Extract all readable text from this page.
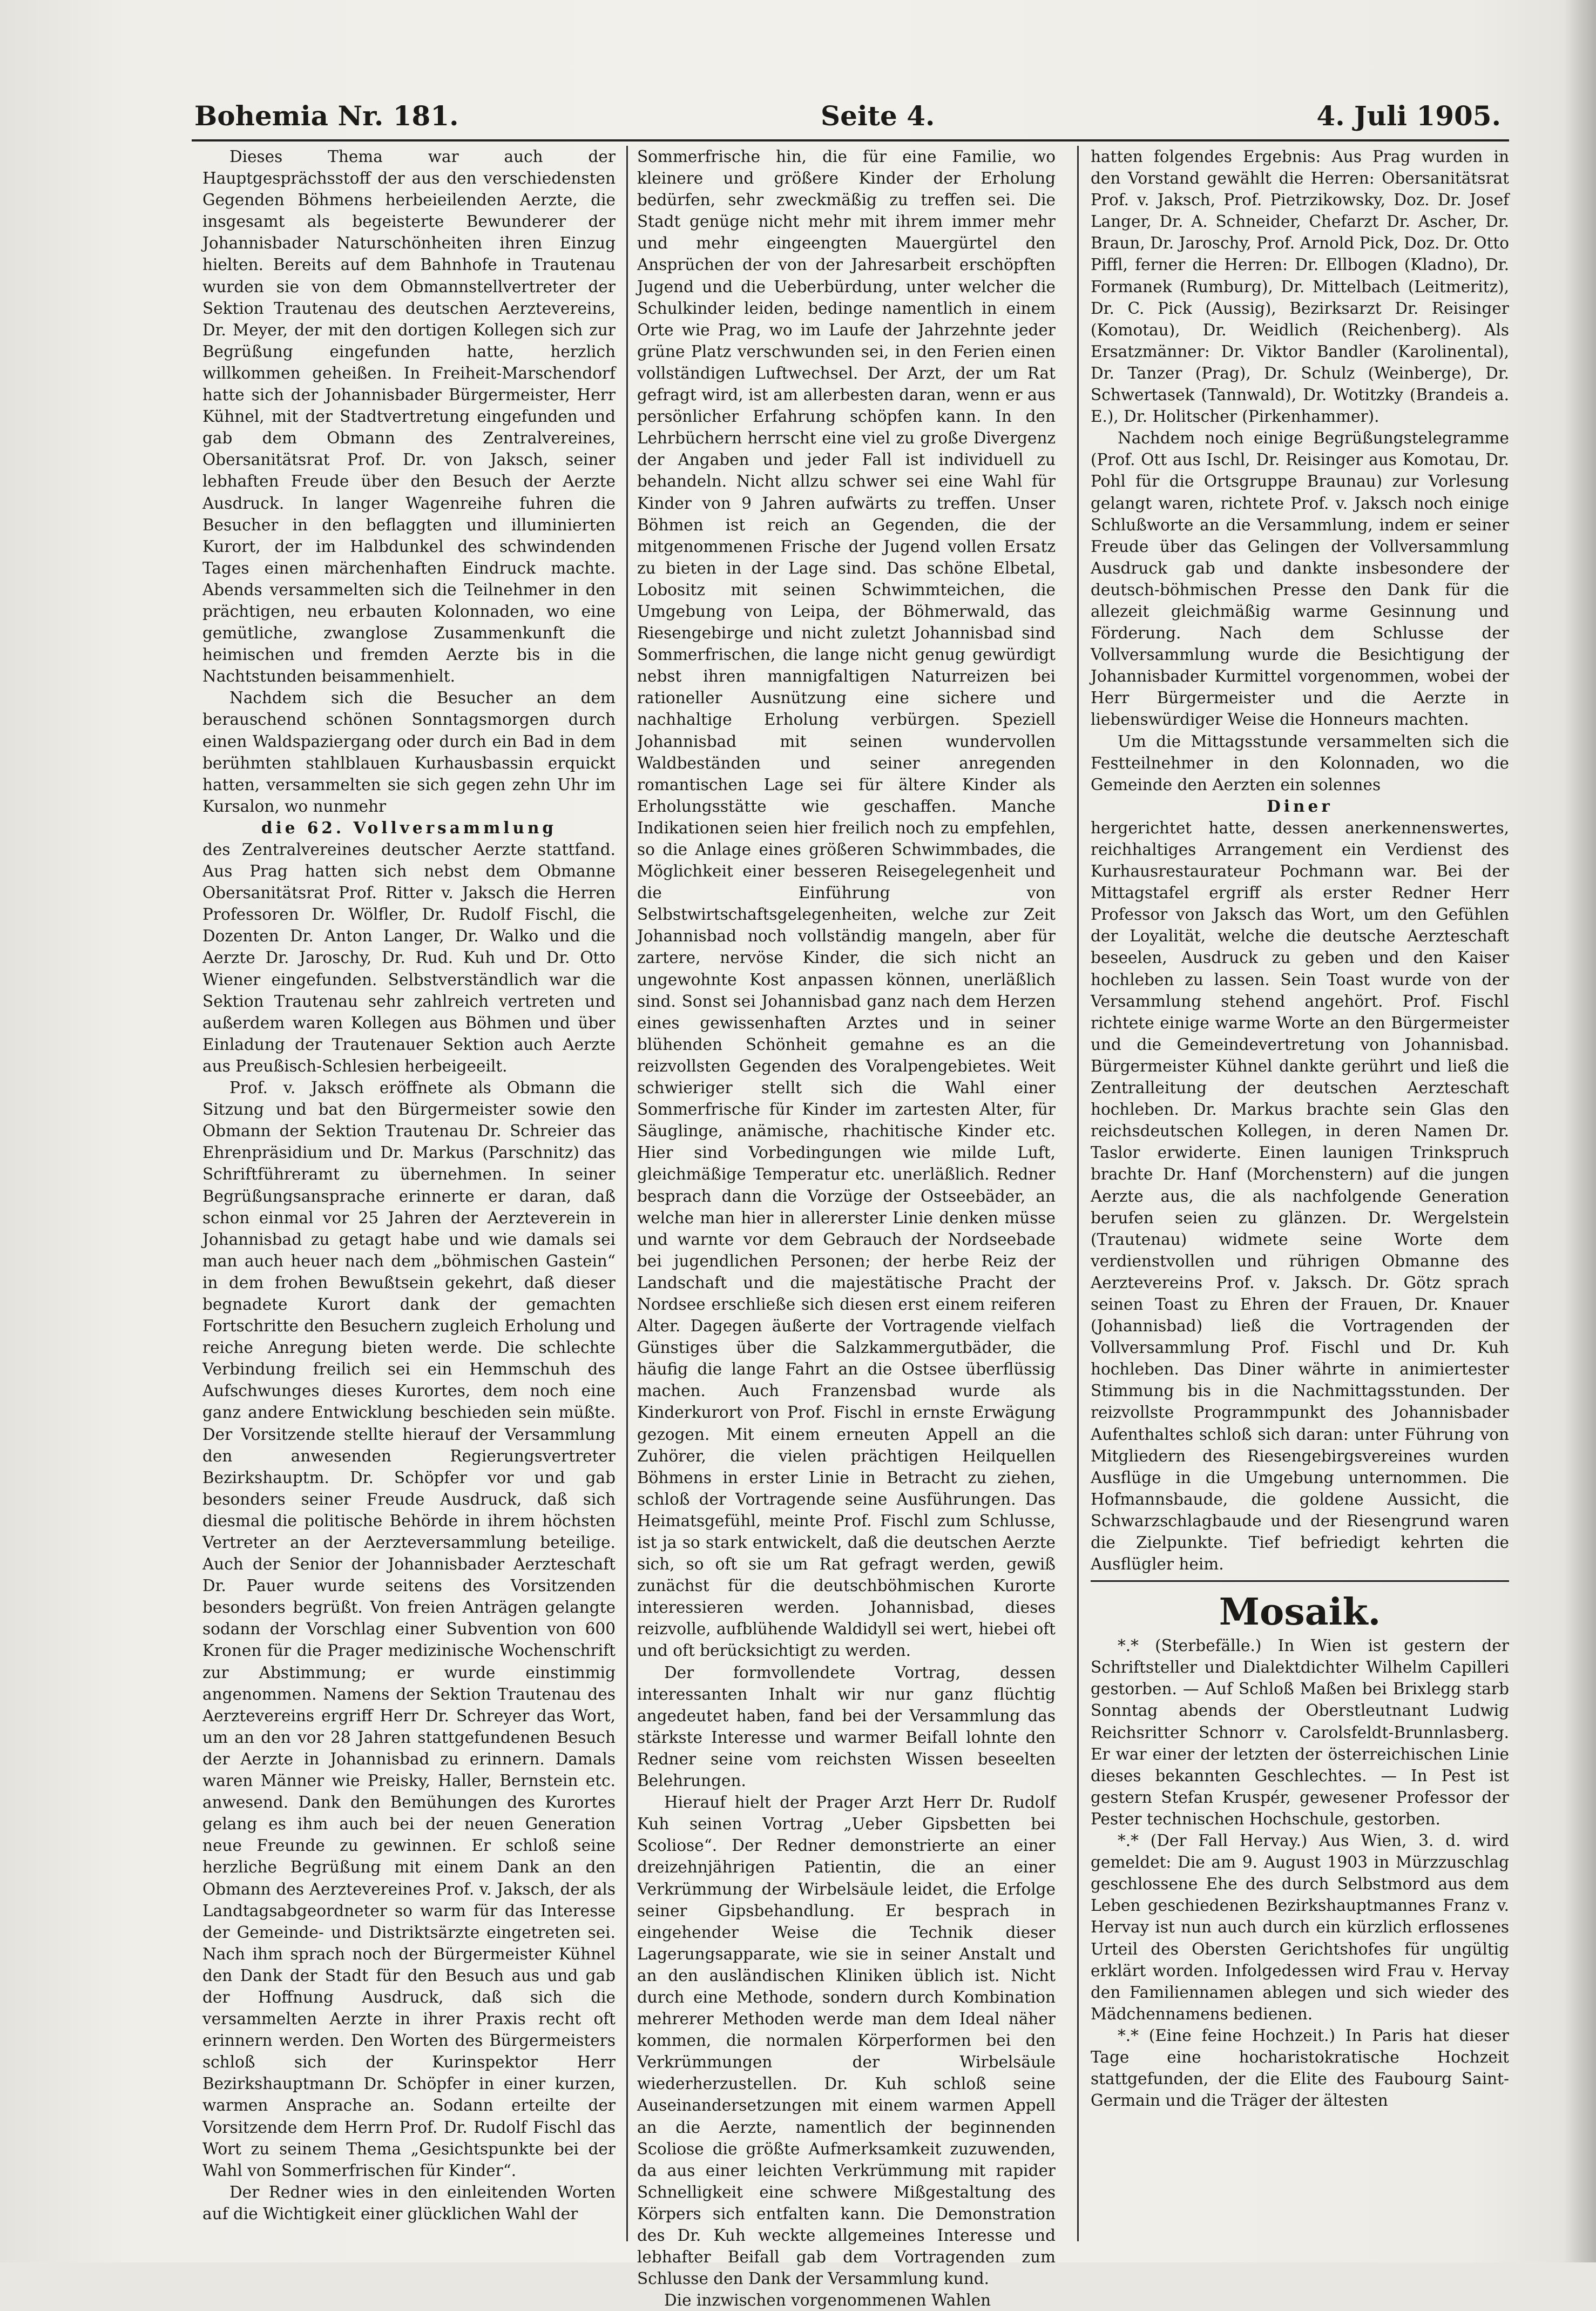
Bohemia Nr. 181.	Seite 4.	4. Juli 1905.

Dieses Thema war auch der Hauptgesprächsstoff der aus den verschiedensten Gegenden Böhmens herbeieilenden Aerzte, die insgesamt als begeisterte Bewunderer der Johannisbader Naturschönheiten ihren Einzug hielten. Bereits auf dem Bahnhofe in Trautenau wurden sie von dem Obmannstellvertreter der Sektion Trautenau des deutschen Aerztevereins, Dr. Meyer, der mit den dortigen Kollegen sich zur Begrüßung eingefunden hatte, herzlich willkommen geheißen. In Freiheit-Marschendorf hatte sich der Johannisbader Bürgermeister, Herr Kühnel, mit der Stadtvertretung eingefunden und gab dem Obmann des Zentralvereines, Obersanitätsrat Prof. Dr. von Jaksch, seiner lebhaften Freude über den Besuch der Aerzte Ausdruck. In langer Wagenreihe fuhren die Besucher in den beflaggten und illuminierten Kurort, der im Halbdunkel des schwindenden Tages einen märchenhaften Eindruck machte. Abends versammelten sich die Teilnehmer in den prächtigen, neu erbauten Kolonnaden, wo eine gemütliche, zwanglose Zusammenkunft die heimischen und fremden Aerzte bis in die Nachtstunden beisammenhielt.

Nachdem sich die Besucher an dem berauschend schönen Sonntagsmorgen durch einen Waldspaziergang oder durch ein Bad in dem berühmten stahlblauen Kurhausbassin erquickt hatten, versammelten sie sich gegen zehn Uhr im Kursalon, wo nunmehr

die 62. Vollversammlung

des Zentralvereines deutscher Aerzte stattfand. Aus Prag hatten sich nebst dem Obmanne Obersanitätsrat Prof. Ritter v. Jaksch die Herren Professoren Dr. Wölfler, Dr. Rudolf Fischl, die Dozenten Dr. Anton Langer, Dr. Walko und die Aerzte Dr. Jaroschy, Dr. Rud. Kuh und Dr. Otto Wiener eingefunden. Selbstverständlich war die Sektion Trautenau sehr zahlreich vertreten und außerdem waren Kollegen aus Böhmen und über Einladung der Trautenauer Sektion auch Aerzte aus Preußisch-Schlesien herbeigeeilt.

Prof. v. Jaksch eröffnete als Obmann die Sitzung und bat den Bürgermeister sowie den Obmann der Sektion Trautenau Dr. Schreier das Ehrenpräsidium und Dr. Markus (Parschnitz) das Schriftführeramt zu übernehmen. In seiner Begrüßungsansprache erinnerte er daran, daß schon einmal vor 25 Jahren der Aerzteverein in Johannisbad zu getagt habe und wie damals sei man auch heuer nach dem „böhmischen Gastein“ in dem frohen Bewußtsein gekehrt, daß dieser begnadete Kurort dank der gemachten Fortschritte den Besuchern zugleich Erholung und reiche Anregung bieten werde. Die schlechte Verbindung freilich sei ein Hemmschuh des Aufschwunges dieses Kurortes, dem noch eine ganz andere Entwicklung beschieden sein müßte. Der Vorsitzende stellte hierauf der Versammlung den anwesenden Regierungsvertreter Bezirkshauptm. Dr. Schöpfer vor und gab besonders seiner Freude Ausdruck, daß sich diesmal die politische Behörde in ihrem höchsten Vertreter an der Aerzteversammlung beteilige. Auch der Senior der Johannisbader Aerzteschaft Dr. Pauer wurde seitens des Vorsitzenden besonders begrüßt. Von freien Anträgen gelangte sodann der Vorschlag einer Subvention von 600 Kronen für die Prager medizinische Wochenschrift zur Abstimmung; er wurde einstimmig angenommen. Namens der Sektion Trautenau des Aerztevereins ergriff Herr Dr. Schreyer das Wort, um an den vor 28 Jahren stattgefundenen Besuch der Aerzte in Johannisbad zu erinnern. Damals waren Männer wie Preisky, Haller, Bernstein etc. anwesend. Dank den Bemühungen des Kurortes gelang es ihm auch bei der neuen Generation neue Freunde zu gewinnen. Er schloß seine herzliche Begrüßung mit einem Dank an den Obmann des Aerztevereines Prof. v. Jaksch, der als Landtagsabgeordneter so warm für das Interesse der Gemeinde- und Distriktsärzte eingetreten sei. Nach ihm sprach noch der Bürgermeister Kühnel den Dank der Stadt für den Besuch aus und gab der Hoffnung Ausdruck, daß sich die versammelten Aerzte in ihrer Praxis recht oft erinnern werden. Den Worten des Bürgermeisters schloß sich der Kurinspektor Herr Bezirkshauptmann Dr. Schöpfer in einer kurzen, warmen Ansprache an. Sodann erteilte der Vorsitzende dem Herrn Prof. Dr. Rudolf Fischl das Wort zu seinem Thema „Gesichtspunkte bei der Wahl von Sommerfrischen für Kinder“.

Der Redner wies in den einleitenden Worten auf die Wichtigkeit einer glücklichen Wahl der

Sommerfrische hin, die für eine Familie, wo kleinere und größere Kinder der Erholung bedürfen, sehr zweckmäßig zu treffen sei. Die Stadt genüge nicht mehr mit ihrem immer mehr und mehr eingeengten Mauergürtel den Ansprüchen der von der Jahresarbeit erschöpften Jugend und die Ueberbürdung, unter welcher die Schulkinder leiden, bedinge namentlich in einem Orte wie Prag, wo im Laufe der Jahrzehnte jeder grüne Platz verschwunden sei, in den Ferien einen vollständigen Luftwechsel. Der Arzt, der um Rat gefragt wird, ist am allerbesten daran, wenn er aus persönlicher Erfahrung schöpfen kann. In den Lehrbüchern herrscht eine viel zu große Divergenz der Angaben und jeder Fall ist individuell zu behandeln. Nicht allzu schwer sei eine Wahl für Kinder von 9 Jahren aufwärts zu treffen. Unser Böhmen ist reich an Gegenden, die der mitgenommenen Frische der Jugend vollen Ersatz zu bieten in der Lage sind. Das schöne Elbetal, Lobositz mit seinen Schwimmteichen, die Umgebung von Leipa, der Böhmerwald, das Riesengebirge und nicht zuletzt Johannisbad sind Sommerfrischen, die lange nicht genug gewürdigt nebst ihren mannigfaltigen Naturreizen bei rationeller Ausnützung eine sichere und nachhaltige Erholung verbürgen. Speziell Johannisbad mit seinen wundervollen Waldbeständen und seiner anregenden romantischen Lage sei für ältere Kinder als Erholungsstätte wie geschaffen. Manche Indikationen seien hier freilich noch zu empfehlen, so die Anlage eines größeren Schwimmbades, die Möglichkeit einer besseren Reisegelegenheit und die Einführung von Selbstwirtschaftsgelegenheiten, welche zur Zeit Johannisbad noch vollständig mangeln, aber für zartere, nervöse Kinder, die sich nicht an ungewohnte Kost anpassen können, unerläßlich sind. Sonst sei Johannisbad ganz nach dem Herzen eines gewissenhaften Arztes und in seiner blühenden Schönheit gemahne es an die reizvollsten Gegenden des Voralpengebietes. Weit schwieriger stellt sich die Wahl einer Sommerfrische für Kinder im zartesten Alter, für Säuglinge, anämische, rhachitische Kinder etc. Hier sind Vorbedingungen wie milde Luft, gleichmäßige Temperatur etc. unerläßlich. Redner besprach dann die Vorzüge der Ostseebäder, an welche man hier in allererster Linie denken müsse und warnte vor dem Gebrauch der Nordseebade bei jugendlichen Personen; der herbe Reiz der Landschaft und die majestätische Pracht der Nordsee erschließe sich diesen erst einem reiferen Alter. Dagegen äußerte der Vortragende vielfach Günstiges über die Salzkammergutbäder, die häufig die lange Fahrt an die Ostsee überflüssig machen. Auch Franzensbad wurde als Kinderkurort von Prof. Fischl in ernste Erwägung gezogen. Mit einem erneuten Appell an die Zuhörer, die vielen prächtigen Heilquellen Böhmens in erster Linie in Betracht zu ziehen, schloß der Vortragende seine Ausführungen. Das Heimatsgefühl, meinte Prof. Fischl zum Schlusse, ist ja so stark entwickelt, daß die deutschen Aerzte sich, so oft sie um Rat gefragt werden, gewiß zunächst für die deutschböhmischen Kurorte interessieren werden. Johannisbad, dieses reizvolle, aufblühende Waldidyll sei wert, hiebei oft und oft berücksichtigt zu werden.

Der formvollendete Vortrag, dessen interessanten Inhalt wir nur ganz flüchtig angedeutet haben, fand bei der Versammlung das stärkste Interesse und warmer Beifall lohnte den Redner seine vom reichsten Wissen beseelten Belehrungen.

Hierauf hielt der Prager Arzt Herr Dr. Rudolf Kuh seinen Vortrag „Ueber Gipsbetten bei Scoliose“. Der Redner demonstrierte an einer dreizehnjährigen Patientin, die an einer Verkrümmung der Wirbelsäule leidet, die Erfolge seiner Gipsbehandlung. Er besprach in eingehender Weise die Technik dieser Lagerungsapparate, wie sie in seiner Anstalt und an den ausländischen Kliniken üblich ist. Nicht durch eine Methode, sondern durch Kombination mehrerer Methoden werde man dem Ideal näher kommen, die normalen Körperformen bei den Verkrümmungen der Wirbelsäule wiederherzustellen. Dr. Kuh schloß seine Auseinandersetzungen mit einem warmen Appell an die Aerzte, namentlich der beginnenden Scoliose die größte Aufmerksamkeit zuzuwenden, da aus einer leichten Verkrümmung mit rapider Schnelligkeit eine schwere Mißgestaltung des Körpers sich entfalten kann. Die Demonstration des Dr. Kuh weckte allgemeines Interesse und lebhafter Beifall gab dem Vortragenden zum Schlusse den Dank der Versammlung kund.

Die inzwischen vorgenommenen Wahlen

hatten folgendes Ergebnis: Aus Prag wurden in den Vorstand gewählt die Herren: Obersanitätsrat Prof. v. Jaksch, Prof. Pietrzikowsky, Doz. Dr. Josef Langer, Dr. A. Schneider, Chefarzt Dr. Ascher, Dr. Braun, Dr. Jaroschy, Prof. Arnold Pick, Doz. Dr. Otto Piffl, ferner die Herren: Dr. Ellbogen (Kladno), Dr. Formanek (Rumburg), Dr. Mittelbach (Leitmeritz), Dr. C. Pick (Aussig), Bezirksarzt Dr. Reisinger (Komotau), Dr. Weidlich (Reichenberg). Als Ersatzmänner: Dr. Viktor Bandler (Karolinental), Dr. Tanzer (Prag), Dr. Schulz (Weinberge), Dr. Schwertasek (Tannwald), Dr. Wotitzky (Brandeis a. E.), Dr. Holitscher (Pirkenhammer).

Nachdem noch einige Begrüßungstelegramme (Prof. Ott aus Ischl, Dr. Reisinger aus Komotau, Dr. Pohl für die Ortsgruppe Braunau) zur Vorlesung gelangt waren, richtete Prof. v. Jaksch noch einige Schlußworte an die Versammlung, indem er seiner Freude über das Gelingen der Vollversammlung Ausdruck gab und dankte insbesondere der deutsch-böhmischen Presse den Dank für die allezeit gleichmäßig warme Gesinnung und Förderung. Nach dem Schlusse der Vollversammlung wurde die Besichtigung der Johannisbader Kurmittel vorgenommen, wobei der Herr Bürgermeister und die Aerzte in liebenswürdiger Weise die Honneurs machten.

Um die Mittagsstunde versammelten sich die Festteilnehmer in den Kolonnaden, wo die Gemeinde den Aerzten ein solennes

Diner

hergerichtet hatte, dessen anerkennenswertes, reichhaltiges Arrangement ein Verdienst des Kurhausrestaurateur Pochmann war. Bei der Mittagstafel ergriff als erster Redner Herr Professor von Jaksch das Wort, um den Gefühlen der Loyalität, welche die deutsche Aerzteschaft beseelen, Ausdruck zu geben und den Kaiser hochleben zu lassen. Sein Toast wurde von der Versammlung stehend angehört. Prof. Fischl richtete einige warme Worte an den Bürgermeister und die Gemeindevertretung von Johannisbad. Bürgermeister Kühnel dankte gerührt und ließ die Zentralleitung der deutschen Aerzteschaft hochleben. Dr. Markus brachte sein Glas den reichsdeutschen Kollegen, in deren Namen Dr. Taslor erwiderte. Einen launigen Trinkspruch brachte Dr. Hanf (Morchenstern) auf die jungen Aerzte aus, die als nachfolgende Generation berufen seien zu glänzen. Dr. Wergelstein (Trautenau) widmete seine Worte dem verdienstvollen und rührigen Obmanne des Aerztevereins Prof. v. Jaksch. Dr. Götz sprach seinen Toast zu Ehren der Frauen, Dr. Knauer (Johannisbad) ließ die Vortragenden der Vollversammlung Prof. Fischl und Dr. Kuh hochleben. Das Diner währte in animiertester Stimmung bis in die Nachmittagsstunden. Der reizvollste Programmpunkt des Johannisbader Aufenthaltes schloß sich daran: unter Führung von Mitgliedern des Riesengebirgsvereines wurden Ausflüge in die Umgebung unternommen. Die Hofmannsbaude, die goldene Aussicht, die Schwarzschlagbaude und der Riesengrund waren die Zielpunkte. Tief befriedigt kehrten die Ausflügler heim.

Mosaik.

*.* (Sterbefälle.) In Wien ist gestern der Schriftsteller und Dialektdichter Wilhelm Capilleri gestorben. — Auf Schloß Maßen bei Brixlegg starb Sonntag abends der Oberstleutnant Ludwig Reichsritter Schnorr v. Carolsfeldt-Brunnlasberg. Er war einer der letzten der österreichischen Linie dieses bekannten Geschlechtes. — In Pest ist gestern Stefan Kruspér, gewesener Professor der Pester technischen Hochschule, gestorben.

*.* (Der Fall Hervay.) Aus Wien, 3. d. wird gemeldet: Die am 9. August 1903 in Mürzzuschlag geschlossene Ehe des durch Selbstmord aus dem Leben geschiedenen Bezirkshauptmannes Franz v. Hervay ist nun auch durch ein kürzlich erflossenes Urteil des Obersten Gerichtshofes für ungültig erklärt worden. Infolgedessen wird Frau v. Hervay den Familiennamen ablegen und sich wieder des Mädchennamens bedienen.

*.* (Eine feine Hochzeit.) In Paris hat dieser Tage eine hocharistokratische Hochzeit stattgefunden, der die Elite des Faubourg Saint-Germain und die Träger der ältesten
